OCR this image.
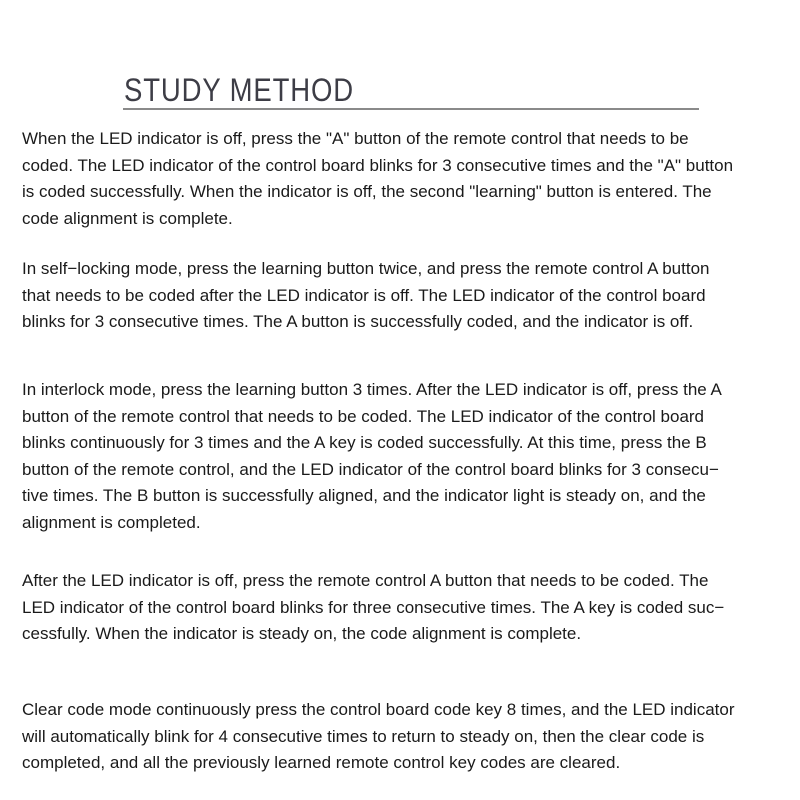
STUDY METHOD
When the LED indicator is off, press the "A" button of the remote control that needs to be
coded. The LED indicator of the control board blinks for 3 consecutive times and the "A" button
is coded successfully. When the indicator is off, the second "learning" button is entered. The
code alignment is complete.
In self−locking mode, press the learning button twice, and press the remote control A button
that needs to be coded after the LED indicator is off. The LED indicator of the control board
blinks for 3 consecutive times. The A button is successfully coded, and the indicator is off.
In interlock mode, press the learning button 3 times. After the LED indicator is off, press the A
button of the remote control that needs to be coded. The LED indicator of the control board
blinks continuously for 3 times and the A key is coded successfully. At this time, press the B
button of the remote control, and the LED indicator of the control board blinks for 3 consecu−
tive times. The B button is successfully aligned, and the indicator light is steady on, and the
alignment is completed.
After the LED indicator is off, press the remote control A button that needs to be coded. The
LED indicator of the control board blinks for three consecutive times. The A key is coded suc−
cessfully. When the indicator is steady on, the code alignment is complete.
Clear code mode continuously press the control board code key 8 times, and the LED indicator
will automatically blink for 4 consecutive times to return to steady on, then the clear code is
completed, and all the previously learned remote control key codes are cleared.
